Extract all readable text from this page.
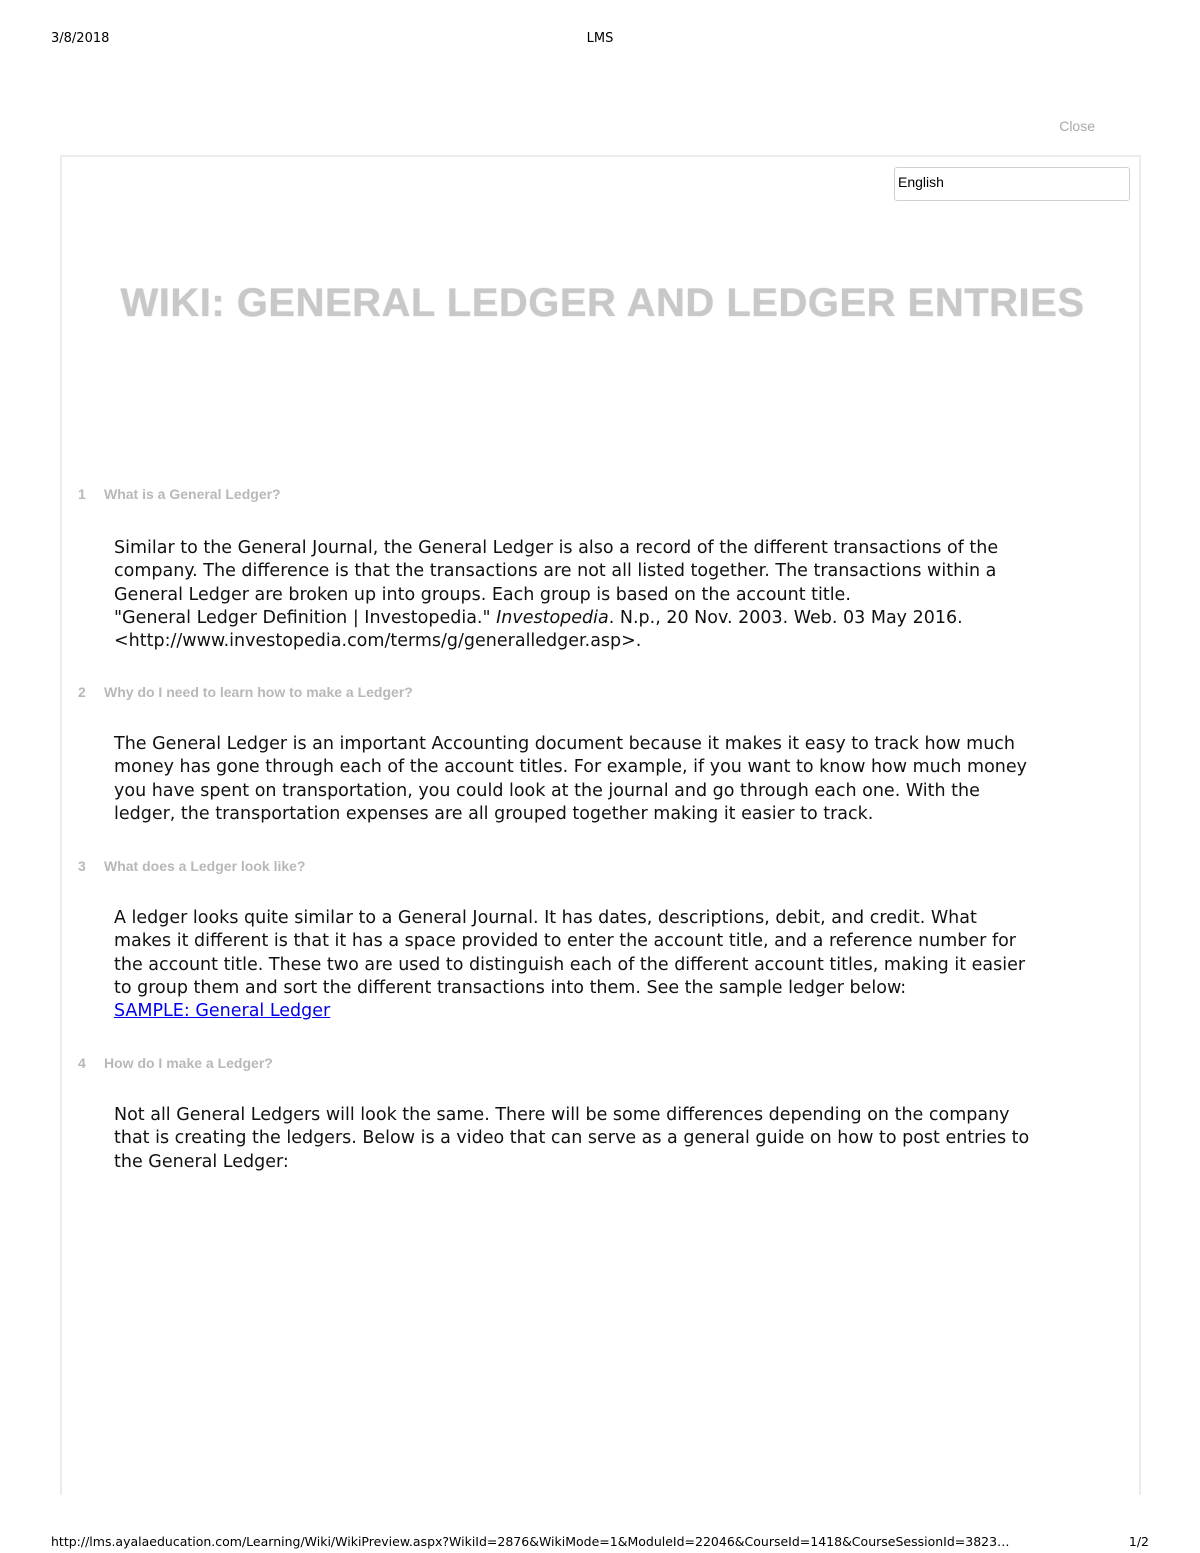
3/8/2018	LMS
Close
English
WIKI: GENERAL LEDGER AND LEDGER ENTRIES
1 What is a General Ledger?

Similar to the General Journal, the General Ledger is also a record of the different transactions of the

company. The difference is that the transactions are not all listed together. The transactions within a

General Ledger are broken up into groups. Each group is based on the account title.

"General Ledger Definition | Investopedia." Investopedia. N.p., 20 Nov. 2003. Web. 03 May 2016.

<http://www.investopedia.com/terms/g/generalledger.asp>.

2 Why do I need to learn how to make a Ledger?

The General Ledger is an important Accounting document because it makes it easy to track how much

money has gone through each of the account titles. For example, if you want to know how much money

you have spent on transportation, you could look at the journal and go through each one. With the

ledger, the transportation expenses are all grouped together making it easier to track.

3 What does a Ledger look like?

A ledger looks quite similar to a General Journal. It has dates, descriptions, debit, and credit. What

makes it different is that it has a space provided to enter the account title, and a reference number for

the account title. These two are used to distinguish each of the different account titles, making it easier

to group them and sort the different transactions into them. See the sample ledger below:

SAMPLE: General Ledger

4 How do I make a Ledger?

Not all General Ledgers will look the same. There will be some differences depending on the company

that is creating the ledgers. Below is a video that can serve as a general guide on how to post entries to

the General Ledger:

http://lms.ayalaeducation.com/Learning/Wiki/WikiPreview.aspx?WikiId=2876&WikiMode=1&ModuleId=22046&CourseId=1418&CourseSessionId=3823…	1/2
